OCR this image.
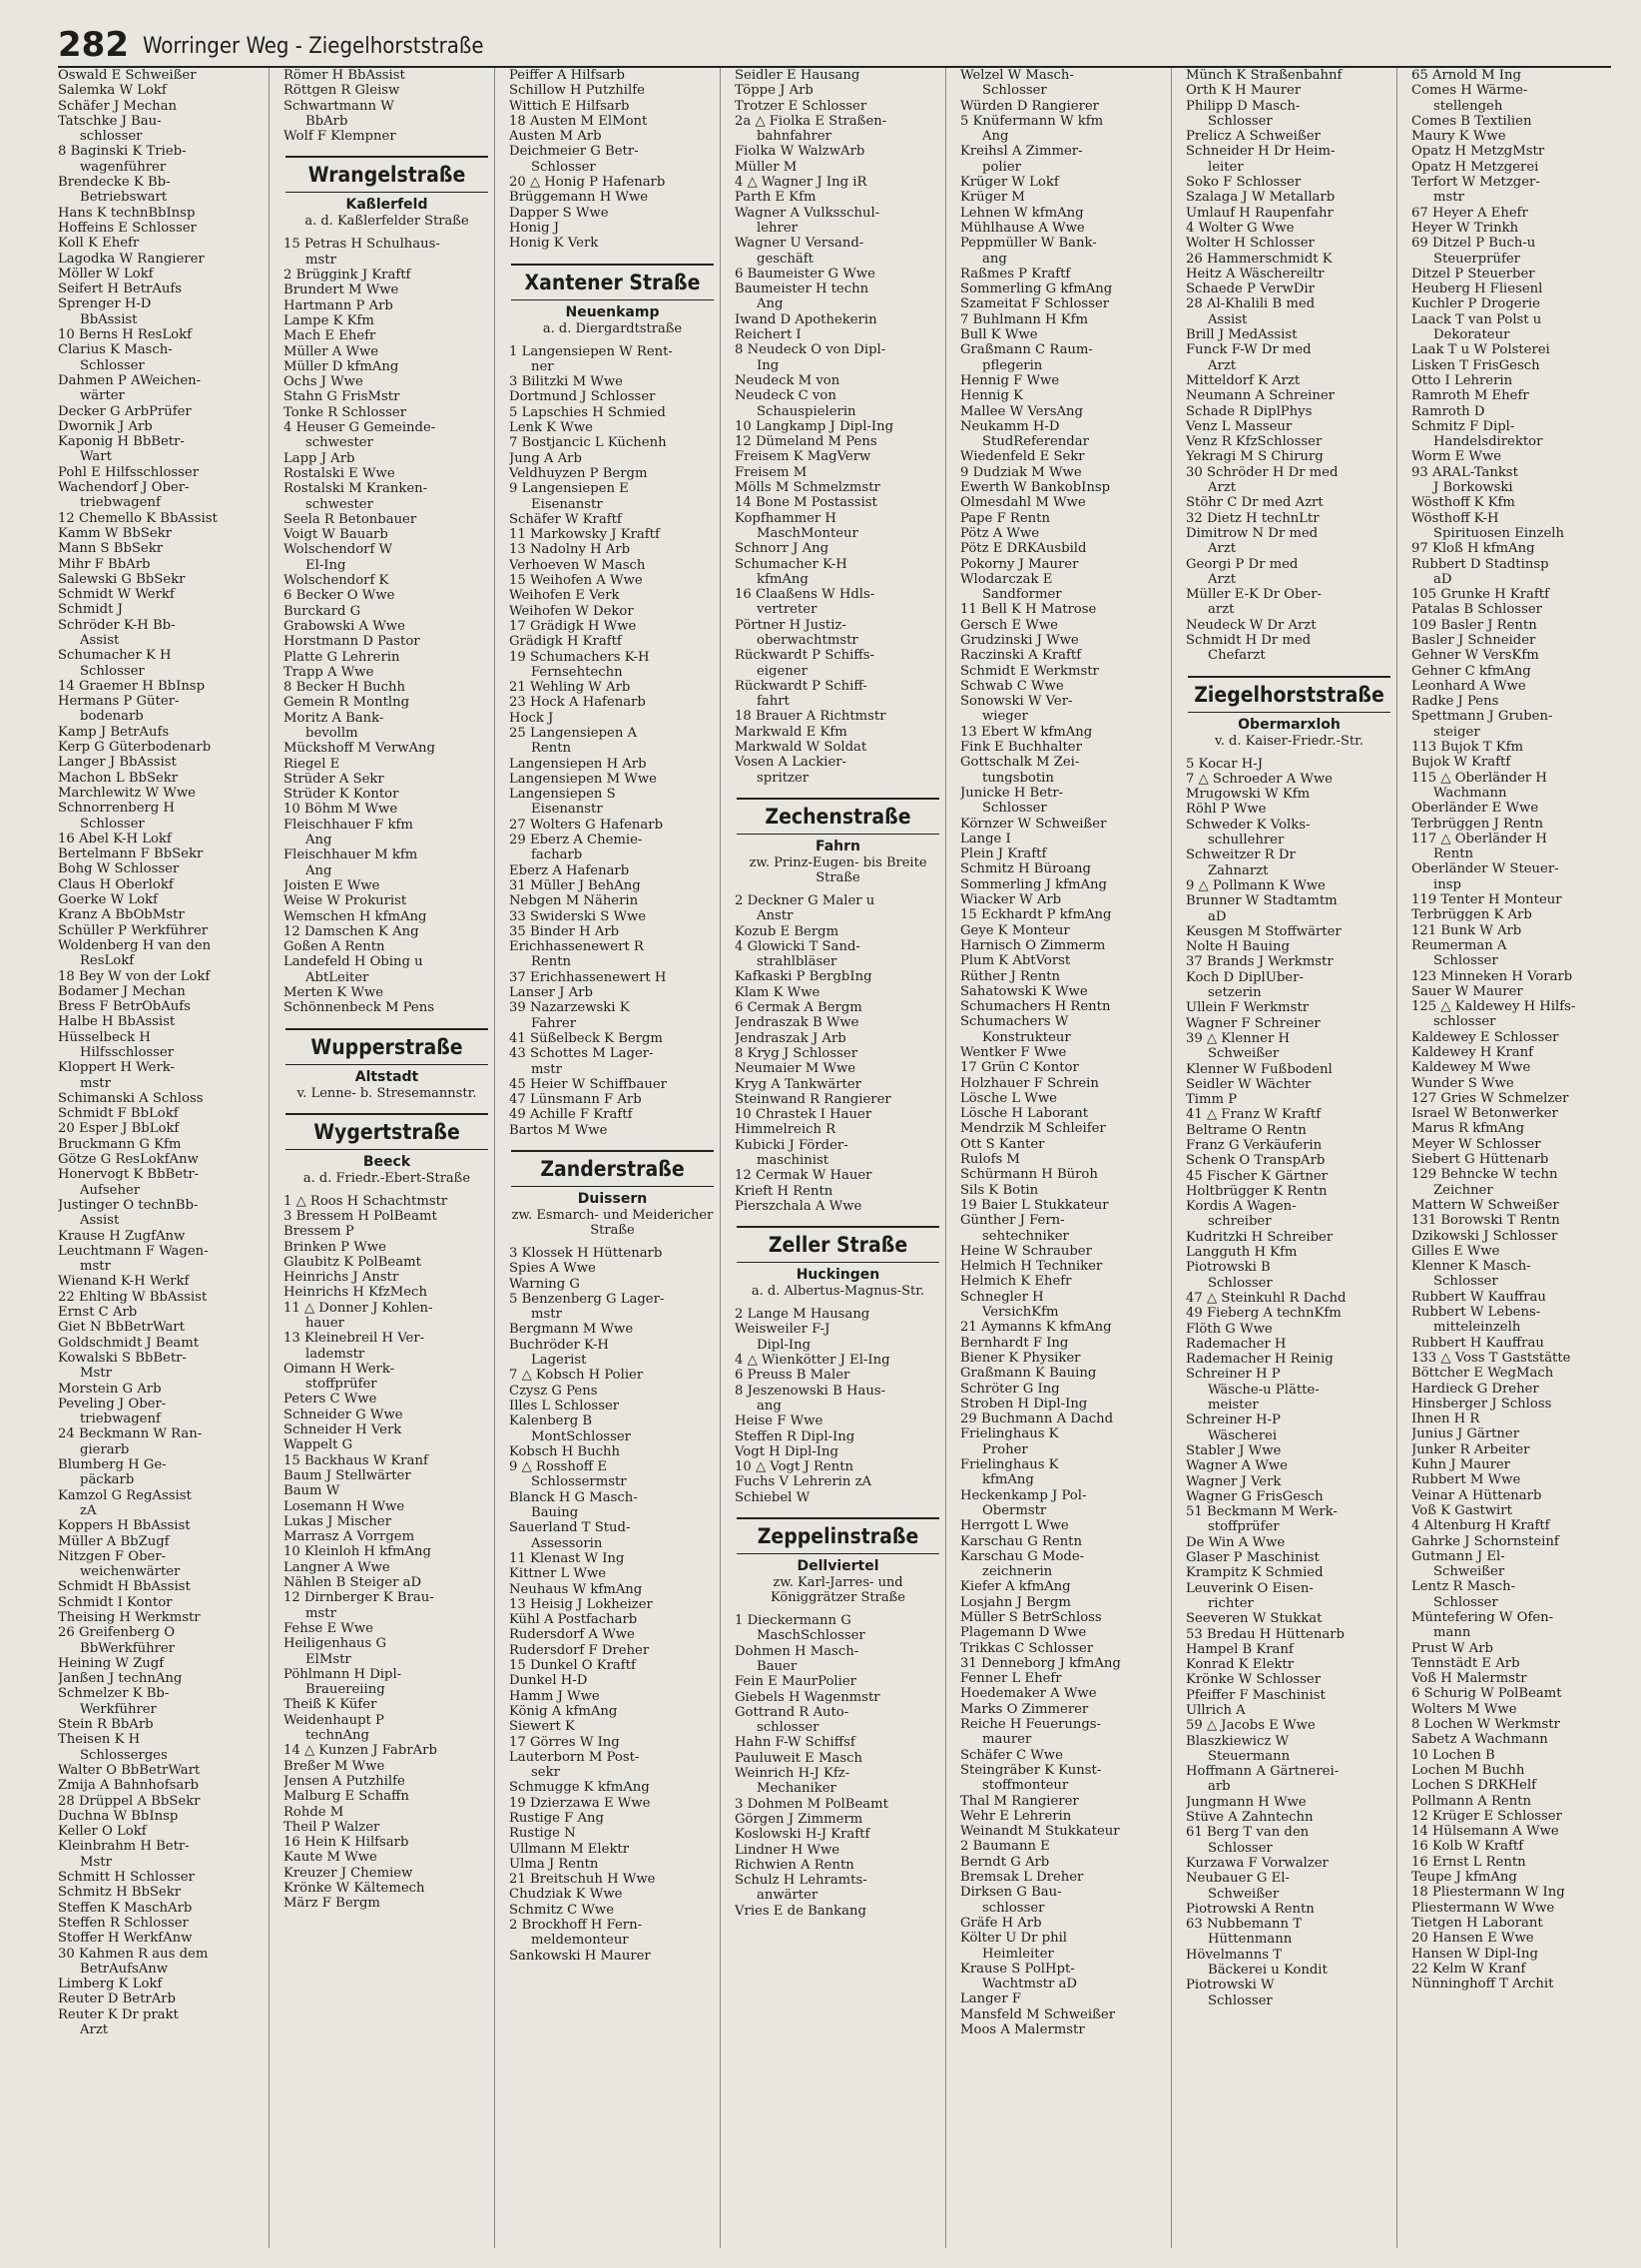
282 Worringer Weg - Ziegelhorststraße
Oswald E Schweißer
Salemka W Lokf
Schäfer J Mechan
Tatschke J Bau-
schlosser
8 Baginski K Trieb-
wagenführer
Brendecke K Bb-
Betriebswart
Hans K technBbInsp
Hoffeins E Schlosser
Koll K Ehefr
Lagodka W Rangierer
Möller W Lokf
Seifert H BetrAufs
Sprenger H-D
BbAssist
10 Berns H ResLokf
Clarius K Masch-
Schlosser
Dahmen P AWeichen-
wärter
Decker G ArbPrüfer
Dwornik J Arb
Kaponig H BbBetr-
Wart
Pohl E Hilfsschlosser
Wachendorf J Ober-
triebwagenf
12 Chemello K BbAssist
Kamm W BbSekr
Mann S BbSekr
Mihr F BbArb
Salewski G BbSekr
Schmidt W Werkf
Schmidt J
Schröder K-H Bb-
Assist
Schumacher K H
Schlosser
14 Graemer H BbInsp
Hermans P Güter-
bodenarb
Kamp J BetrAufs
Kerp G Güterbodenarb
Langer J BbAssist
Machon L BbSekr
Marchlewitz W Wwe
Schnorrenberg H
Schlosser
16 Abel K-H Lokf
Bertelmann F BbSekr
Bohg W Schlosser
Claus H Oberlokf
Goerke W Lokf
Kranz A BbObMstr
Schüller P Werkführer
Woldenberg H van den
ResLokf
18 Bey W von der Lokf
Bodamer J Mechan
Bress F BetrObAufs
Halbe H BbAssist
Hüsselbeck H
Hilfsschlosser
Kloppert H Werk-
mstr
Schimanski A Schloss
Schmidt F BbLokf
20 Esper J BbLokf
Bruckmann G Kfm
Götze G ResLokfAnw
Honervogt K BbBetr-
Aufseher
Justinger O technBb-
Assist
Krause H ZugfAnw
Leuchtmann F Wagen-
mstr
Wienand K-H Werkf
22 Ehlting W BbAssist
Ernst C Arb
Giet N BbBetrWart
Goldschmidt J Beamt
Kowalski S BbBetr-
Mstr
Morstein G Arb
Peveling J Ober-
triebwagenf
24 Beckmann W Ran-
gierarb
Blumberg H Ge-
päckarb
Kamzol G RegAssist
zA
Koppers H BbAssist
Müller A BbZugf
Nitzgen F Ober-
weichenwärter
Schmidt H BbAssist
Schmidt I Kontor
Theising H Werkmstr
26 Greifenberg O
BbWerkführer
Heining W Zugf
Janßen J technAng
Schmelzer K Bb-
Werkführer
Stein R BbArb
Theisen K H
Schlosserges
Walter O BbBetrWart
Zmija A Bahnhofsarb
28 Drüppel A BbSekr
Duchna W BbInsp
Keller O Lokf
Kleinbrahm H Betr-
Mstr
Schmitt H Schlosser
Schmitz H BbSekr
Steffen K MaschArb
Steffen R Schlosser
Stoffer H WerkfAnw
30 Kahmen R aus dem
BetrAufsAnw
Limberg K Lokf
Reuter D BetrArb
Reuter K Dr prakt
Arzt
Römer H BbAssist
Röttgen R Gleisw
Schwartmann W
BbArb
Wolf F Klempner
Wrangelstraße
Kaßlerfeld
a. d. Kaßlerfelder Straße
15 Petras H Schulhaus-
mstr
2 Brüggink J Kraftf
Brundert M Wwe
Hartmann P Arb
Lampe K Kfm
Mach E Ehefr
Müller A Wwe
Müller D kfmAng
Ochs J Wwe
Stahn G FrisMstr
Tonke R Schlosser
4 Heuser G Gemeinde-
schwester
Lapp J Arb
Rostalski E Wwe
Rostalski M Kranken-
schwester
Seela R Betonbauer
Voigt W Bauarb
Wolschendorf W
El-Ing
Wolschendorf K
6 Becker O Wwe
Burckard G
Grabowski A Wwe
Horstmann D Pastor
Platte G Lehrerin
Trapp A Wwe
8 Becker H Buchh
Gemein R Montlng
Moritz A Bank-
bevollm
Mückshoff M VerwAng
Riegel E
Strüder A Sekr
Strüder K Kontor
10 Böhm M Wwe
Fleischhauer F kfm
Ang
Fleischhauer M kfm
Ang
Joisten E Wwe
Weise W Prokurist
Wemschen H kfmAng
12 Damschen K Ang
Goßen A Rentn
Landefeld H Obing u
AbtLeiter
Merten K Wwe
Schönnenbeck M Pens
Wupperstraße
Altstadt
v. Lenne- b. Stresemannstr.
Wygertstraße
Beeck
a. d. Friedr.-Ebert-Straße
1 △ Roos H Schachtmstr
3 Bressem H PolBeamt
Bressem P
Brinken P Wwe
Glaubitz K PolBeamt
Heinrichs J Anstr
Heinrichs H KfzMech
11 △ Donner J Kohlen-
hauer
13 Kleinebreil H Ver-
lademstr
Oimann H Werk-
stoffprüfer
Peters C Wwe
Schneider G Wwe
Schneider H Verk
Wappelt G
15 Backhaus W Kranf
Baum J Stellwärter
Baum W
Losemann H Wwe
Lukas J Mischer
Marrasz A Vorrgem
10 Kleinloh H kfmAng
Langner A Wwe
Nählen B Steiger aD
12 Dirnberger K Brau-
mstr
Fehse E Wwe
Heiligenhaus G
ElMstr
Pöhlmann H Dipl-
Brauereiing
Theiß K Küfer
Weidenhaupt P
technAng
14 △ Kunzen J FabrArb
Breßer M Wwe
Jensen A Putzhilfe
Malburg E Schaffn
Rohde M
Theil P Walzer
16 Hein K Hilfsarb
Kaute M Wwe
Kreuzer J Chemiew
Krönke W Kältemech
März F Bergm
Peiffer A Hilfsarb
Schillow H Putzhilfe
Wittich E Hilfsarb
18 Austen M ElMont
Austen M Arb
Deichmeier G Betr-
Schlosser
20 △ Honig P Hafenarb
Brüggemann H Wwe
Dapper S Wwe
Honig J
Honig K Verk
Xantener Straße
Neuenkamp
a. d. Diergardtstraße
1 Langensiepen W Rent-
ner
3 Bilitzki M Wwe
Dortmund J Schlosser
5 Lapschies H Schmied
Lenk K Wwe
7 Bostjancic L Küchenh
Jung A Arb
Veldhuyzen P Bergm
9 Langensiepen E
Eisenanstr
Schäfer W Kraftf
11 Markowsky J Kraftf
13 Nadolny H Arb
Verhoeven W Masch
15 Weihofen A Wwe
Weihofen E Verk
Weihofen W Dekor
17 Grädigk H Wwe
Grädigk H Kraftf
19 Schumachers K-H
Fernsehtechn
21 Wehling W Arb
23 Hock A Hafenarb
Hock J
25 Langensiepen A
Rentn
Langensiepen H Arb
Langensiepen M Wwe
Langensiepen S
Eisenanstr
27 Wolters G Hafenarb
29 Eberz A Chemie-
facharb
Eberz A Hafenarb
31 Müller J BehAng
Nebgen M Näherin
33 Swiderski S Wwe
35 Binder H Arb
Erichhassenewert R
Rentn
37 Erichhassenewert H
Lanser J Arb
39 Nazarzewski K
Fahrer
41 Süßelbeck K Bergm
43 Schottes M Lager-
mstr
45 Heier W Schiffbauer
47 Lünsmann F Arb
49 Achille F Kraftf
Bartos M Wwe
Zanderstraße
Duissern
zw. Esmarch- und Meidericher Straße
3 Klossek H Hüttenarb
Spies A Wwe
Warning G
5 Benzenberg G Lager-
mstr
Bergmann M Wwe
Buchröder K-H
Lagerist
7 △ Kobsch H Polier
Czysz G Pens
Illes L Schlosser
Kalenberg B
MontSchlosser
Kobsch H Buchh
9 △ Rosshoff E
Schlossermstr
Blanck H G Masch-
Bauing
Sauerland T Stud-
Assessorin
11 Klenast W Ing
Kittner L Wwe
Neuhaus W kfmAng
13 Heisig J Lokheizer
Kühl A Postfacharb
Rudersdorf A Wwe
Rudersdorf F Dreher
15 Dunkel O Kraftf
Dunkel H-D
Hamm J Wwe
König A kfmAng
Siewert K
17 Görres W Ing
Lauterborn M Post-
sekr
Schmugge K kfmAng
19 Dzierzawa E Wwe
Rustige F Ang
Rustige N
Ullmann M Elektr
Ulma J Rentn
21 Breitschuh H Wwe
Chudziak K Wwe
Schmitz C Wwe
2 Brockhoff H Fern-
meldemonteur
Sankowski H Maurer
Seidler E Hausang
Töppe J Arb
Trotzer E Schlosser
2a △ Fiolka E Straßen-
bahnfahrer
Fiolka W WalzwArb
Müller M
4 △ Wagner J Ing iR
Parth E Kfm
Wagner A Vulksschul-
lehrer
Wagner U Versand-
geschäft
6 Baumeister G Wwe
Baumeister H techn
Ang
Iwand D Apothekerin
Reichert I
8 Neudeck O von Dipl-
Ing
Neudeck M von
Neudeck C von
Schauspielerin
10 Langkamp J Dipl-Ing
12 Dümeland M Pens
Freisem K MagVerw
Freisem M
Mölls M Schmelzmstr
14 Bone M Postassist
Kopfhammer H
MaschMonteur
Schnorr J Ang
Schumacher K-H
kfmAng
16 Claaßens W Hdls-
vertreter
Pörtner H Justiz-
oberwachtmstr
Rückwardt P Schiffs-
eigener
Rückwardt P Schiff-
fahrt
18 Brauer A Richtmstr
Markwald E Kfm
Markwald W Soldat
Vosen A Lackier-
spritzer
Zechenstraße
Fahrn
zw. Prinz-Eugen- bis Breite Straße
2 Deckner G Maler u
Anstr
Kozub E Bergm
4 Glowicki T Sand-
strahlbläser
Kafkaski P BergbIng
Klam K Wwe
6 Cermak A Bergm
Jendraszak B Wwe
Jendraszak J Arb
8 Kryg J Schlosser
Neumaier M Wwe
Kryg A Tankwärter
Steinwand R Rangierer
10 Chrastek I Hauer
Himmelreich R
Kubicki J Förder-
maschinist
12 Cermak W Hauer
Krieft H Rentn
Pierszchala A Wwe
Zeller Straße
Huckingen
a. d. Albertus-Magnus-Str.
2 Lange M Hausang
Weisweiler F-J
Dipl-Ing
4 △ Wienkötter J El-Ing
6 Preuss B Maler
8 Jeszenowski B Haus-
ang
Heise F Wwe
Steffen R Dipl-Ing
Vogt H Dipl-Ing
10 △ Vogt J Rentn
Fuchs V Lehrerin zA
Schiebel W
Zeppelinstraße
Dellviertel
zw. Karl-Jarres- und Königgrätzer Straße
1 Dieckermann G
MaschSchlosser
Dohmen H Masch-
Bauer
Fein E MaurPolier
Giebels H Wagenmstr
Gottrand R Auto-
schlosser
Hahn F-W Schiffsf
Pauluweit E Masch
Weinrich H-J Kfz-
Mechaniker
3 Dohmen M PolBeamt
Görgen J Zimmerm
Koslowski H-J Kraftf
Lindner H Wwe
Richwien A Rentn
Schulz H Lehramts-
anwärter
Vries E de Bankang
Welzel W Masch-
Schlosser
Würden D Rangierer
5 Knüfermann W kfm
Ang
Kreihsl A Zimmer-
polier
Krüger W Lokf
Krüger M
Lehnen W kfmAng
Mühlhause A Wwe
Peppmüller W Bank-
ang
Raßmes P Kraftf
Sommerling G kfmAng
Szameitat F Schlosser
7 Buhlmann H Kfm
Bull K Wwe
Graßmann C Raum-
pflegerin
Hennig F Wwe
Hennig K
Mallee W VersAng
Neukamm H-D
StudReferendar
Wiedenfeld E Sekr
9 Dudziak M Wwe
Ewerth W BankobInsp
Olmesdahl M Wwe
Pape F Rentn
Pötz A Wwe
Pötz E DRKAusbild
Pokorny J Maurer
Wlodarczak E
Sandformer
11 Bell K H Matrose
Gersch E Wwe
Grudzinski J Wwe
Raczinski A Kraftf
Schmidt E Werkmstr
Schwab C Wwe
Sonowski W Ver-
wieger
13 Ebert W kfmAng
Fink E Buchhalter
Gottschalk M Zei-
tungsbotin
Junicke H Betr-
Schlosser
Körnzer W Schweißer
Lange I
Plein J Kraftf
Schmitz H Büroang
Sommerling J kfmAng
Wiacker W Arb
15 Eckhardt P kfmAng
Geye K Monteur
Harnisch O Zimmerm
Plum K AbtVorst
Rüther J Rentn
Sahatowski K Wwe
Schumachers H Rentn
Schumachers W
Konstrukteur
Wentker F Wwe
17 Grün C Kontor
Holzhauer F Schrein
Lösche L Wwe
Lösche H Laborant
Mendrzik M Schleifer
Ott S Kanter
Rulofs M
Schürmann H Büroh
Sils K Botin
19 Baier L Stukkateur
Günther J Fern-
sehtechniker
Heine W Schrauber
Helmich H Techniker
Helmich K Ehefr
Schnegler H
VersichKfm
21 Aymanns K kfmAng
Bernhardt F Ing
Biener K Physiker
Graßmann K Bauing
Schröter G Ing
Stroben H Dipl-Ing
29 Buchmann A Dachd
Frielinghaus K
Proher
Frielinghaus K
kfmAng
Heckenkamp J Pol-
Obermstr
Herrgott L Wwe
Karschau G Rentn
Karschau G Mode-
zeichnerin
Kiefer A kfmAng
Losjahn J Bergm
Müller S BetrSchloss
Plagemann D Wwe
Trikkas C Schlosser
31 Denneborg J kfmAng
Fenner L Ehefr
Hoedemaker A Wwe
Marks O Zimmerer
Reiche H Feuerungs-
maurer
Schäfer C Wwe
Steingräber K Kunst-
stoffmonteur
Thal M Rangierer
Wehr E Lehrerin
Weinandt M Stukkateur
2 Baumann E
Berndt G Arb
Bremsak L Dreher
Dirksen G Bau-
schlosser
Gräfe H Arb
Költer U Dr phil
Heimleiter
Krause S PolHpt-
Wachtmstr aD
Langer F
Mansfeld M Schweißer
Moos A Malermstr
Münch K Straßenbahnf
Orth K H Maurer
Philipp D Masch-
Schlosser
Prelicz A Schweißer
Schneider H Dr Heim-
leiter
Soko F Schlosser
Szalaga J W Metallarb
Umlauf H Raupenfahr
4 Wolter G Wwe
Wolter H Schlosser
26 Hammerschmidt K
Heitz A Wäschereiltr
Schaede P VerwDir
28 Al-Khalili B med
Assist
Brill J MedAssist
Funck F-W Dr med
Arzt
Mitteldorf K Arzt
Neumann A Schreiner
Schade R DiplPhys
Venz L Masseur
Venz R KfzSchlosser
Yekragi M S Chirurg
30 Schröder H Dr med
Arzt
Stöhr C Dr med Azrt
32 Dietz H technLtr
Dimitrow N Dr med
Arzt
Georgi P Dr med
Arzt
Müller E-K Dr Ober-
arzt
Neudeck W Dr Arzt
Schmidt H Dr med
Chefarzt
Ziegelhorststraße
Obermarxloh
v. d. Kaiser-Friedr.-Str.
5 Kocar H-J
7 △ Schroeder A Wwe
Mrugowski W Kfm
Röhl P Wwe
Schweder K Volks-
schullehrer
Schweitzer R Dr
Zahnarzt
9 △ Pollmann K Wwe
Brunner W Stadtamtm
aD
Keusgen M Stoffwärter
Nolte H Bauing
37 Brands J Werkmstr
Koch D DiplÜber-
setzerin
Ullein F Werkmstr
Wagner F Schreiner
39 △ Klenner H
Schweißer
Klenner W Fußbodenl
Seidler W Wächter
Timm P
41 △ Franz W Kraftf
Beltrame O Rentn
Franz G Verkäuferin
Schenk O TranspArb
45 Fischer K Gärtner
Holtbrügger K Rentn
Kordis A Wagen-
schreiber
Kudritzki H Schreiber
Langguth H Kfm
Piotrowski B
Schlosser
47 △ Steinkuhl R Dachd
49 Fieberg A technKfm
Flöth G Wwe
Rademacher H
Rademacher H Reinig
Schreiner H P
Wäsche-u Plätte-
meister
Schreiner H-P
Wäscherei
Stabler J Wwe
Wagner A Wwe
Wagner J Verk
Wagner G FrisGesch
51 Beckmann M Werk-
stoffprüfer
De Win A Wwe
Glaser P Maschinist
Krampitz K Schmied
Leuverink O Eisen-
richter
Seeveren W Stukkat
53 Bredau H Hüttenarb
Hampel B Kranf
Konrad K Elektr
Krönke W Schlosser
Pfeiffer F Maschinist
Ullrich A
59 △ Jacobs E Wwe
Blaszkiewicz W
Steuermann
Hoffmann A Gärtnerei-
arb
Jungmann H Wwe
Stüve A Zahntechn
61 Berg T van den
Schlosser
Kurzawa F Vorwalzer
Neubauer G El-
Schweißer
Piotrowski A Rentn
63 Nubbemann T
Hüttenmann
Hövelmanns T
Bäckerei u Kondit
Piotrowski W
Schlosser
65 Arnold M Ing
Comes H Wärme-
stellengeh
Comes B Textilien
Maury K Wwe
Opatz H MetzgMstr
Opatz H Metzgerei
Terfort W Metzger-
mstr
67 Heyer A Ehefr
Heyer W Trinkh
69 Ditzel P Buch-u
Steuerprüfer
Ditzel P Steuerber
Heuberg H Fliesenl
Kuchler P Drogerie
Laack T van Polst u
Dekorateur
Laak T u W Polsterei
Lisken T FrisGesch
Otto I Lehrerin
Ramroth M Ehefr
Ramroth D
Schmitz F Dipl-
Handelsdirektor
Worm E Wwe
93 ARAL-Tankst
J Borkowski
Wösthoff K Kfm
Wösthoff K-H
Spirituosen Einzelh
97 Kloß H kfmAng
Rubbert D Stadtinsp
aD
105 Grunke H Kraftf
Patalas B Schlosser
109 Basler J Rentn
Basler J Schneider
Gehner W VersKfm
Gehner C kfmAng
Leonhard A Wwe
Radke J Pens
Spettmann J Gruben-
steiger
113 Bujok T Kfm
Bujok W Kraftf
115 △ Oberländer H
Wachmann
Oberländer E Wwe
Terbrüggen J Rentn
117 △ Oberländer H
Rentn
Oberländer W Steuer-
insp
119 Tenter H Monteur
Terbrüggen K Arb
121 Bunk W Arb
Reumerman A
Schlosser
123 Minneken H Vorarb
Sauer W Maurer
125 △ Kaldewey H Hilfs-
schlosser
Kaldewey E Schlosser
Kaldewey H Kranf
Kaldewey M Wwe
Wunder S Wwe
127 Gries W Schmelzer
Israel W Betonwerker
Marus R kfmAng
Meyer W Schlosser
Siebert G Hüttenarb
129 Behncke W techn
Zeichner
Mattern W Schweißer
131 Borowski T Rentn
Dzikowski J Schlosser
Gilles E Wwe
Klenner K Masch-
Schlosser
Rubbert W Kauffrau
Rubbert W Lebens-
mitteleinzelh
Rubbert H Kauffrau
133 △ Voss T Gaststätte
Böttcher E WegMach
Hardieck G Dreher
Hinsberger J Schloss
Ihnen H R
Junius J Gärtner
Junker R Arbeiter
Kuhn J Maurer
Rubbert M Wwe
Veinar A Hüttenarb
Voß K Gastwirt
4 Altenburg H Kraftf
Gahrke J Schornsteinf
Gutmann J El-
Schweißer
Lentz R Masch-
Schlosser
Müntefering W Ofen-
mann
Prust W Arb
Tennstädt E Arb
Voß H Malermstr
6 Schurig W PolBeamt
Wolters M Wwe
8 Lochen W Werkmstr
Sabetz A Wachmann
10 Lochen B
Lochen M Buchh
Lochen S DRKHelf
Pollmann A Rentn
12 Krüger E Schlosser
14 Hülsemann A Wwe
16 Kolb W Kraftf
16 Ernst L Rentn
Teupe J kfmAng
18 Pliestermann W Ing
Pliestermann W Wwe
Tietgen H Laborant
20 Hansen E Wwe
Hansen W Dipl-Ing
22 Kelm W Kranf
Nünninghoff T Archit
